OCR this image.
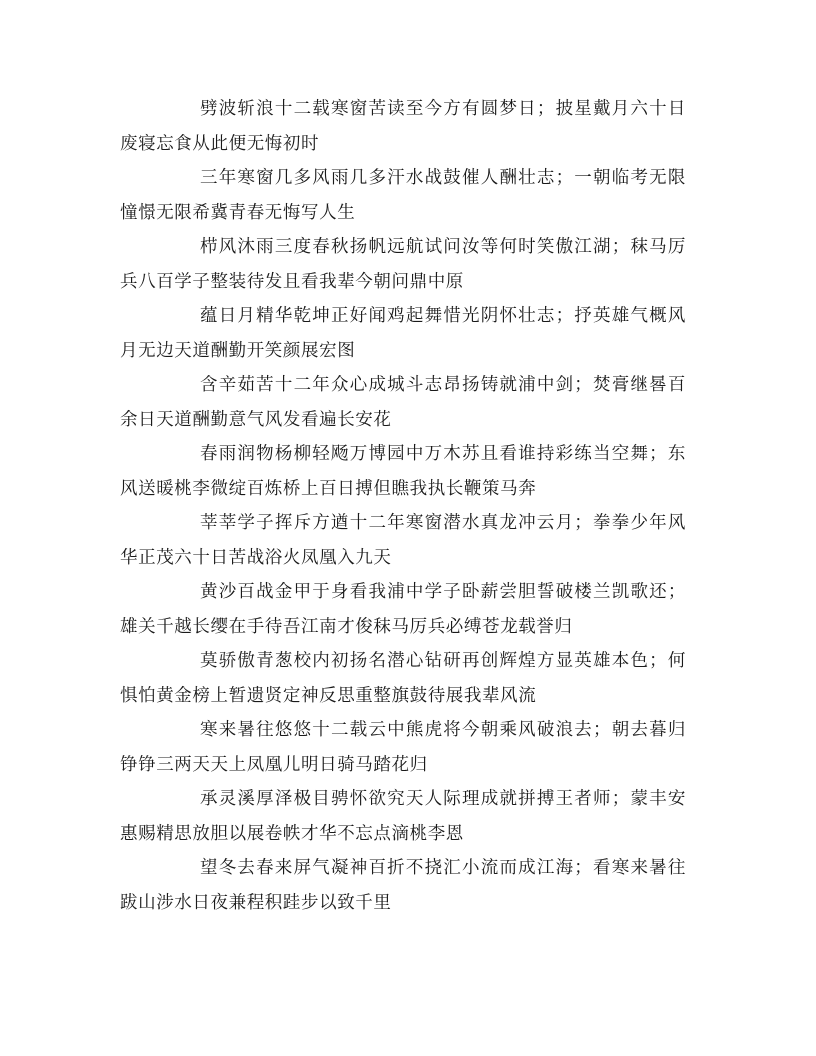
劈波斩浪十二载寒窗苦读至今方有圆梦日；披星戴月六十日废寝忘食从此便无悔初时

三年寒窗几多风雨几多汗水战鼓催人酬壮志；一朝临考无限憧憬无限希冀青春无悔写人生

栉风沐雨三度春秋扬帆远航试问汝等何时笑傲江湖；秣马厉兵八百学子整装待发且看我辈今朝问鼎中原

蕴日月精华乾坤正好闻鸡起舞惜光阴怀壮志；抒英雄气概风月无边天道酬勤开笑颜展宏图

含辛茹苦十二年众心成城斗志昂扬铸就浦中剑；焚膏继晷百余日天道酬勤意气风发看遍长安花

春雨润物杨柳轻飏万博园中万木苏且看谁持彩练当空舞；东风送暖桃李微绽百炼桥上百日搏但瞧我执长鞭策马奔

莘莘学子挥斥方遒十二年寒窗潜水真龙冲云月；拳拳少年风华正茂六十日苦战浴火凤凰入九天

黄沙百战金甲于身看我浦中学子卧薪尝胆誓破楼兰凯歌还；雄关千越长缨在手待吾江南才俊秣马厉兵必缚苍龙载誉归

莫骄傲青葱校内初扬名潜心钻研再创辉煌方显英雄本色；何惧怕黄金榜上暂遗贤定神反思重整旗鼓待展我辈风流

寒来暑往悠悠十二载云中熊虎将今朝乘风破浪去；朝去暮归铮铮三两天天上凤凰儿明日骑马踏花归

承灵溪厚泽极目骋怀欲究天人际理成就拼搏王者师；蒙丰安惠赐精思放胆以展卷帙才华不忘点滴桃李恩

望冬去春来屏气凝神百折不挠汇小流而成江海；看寒来暑往跋山涉水日夜兼程积跬步以致千里
